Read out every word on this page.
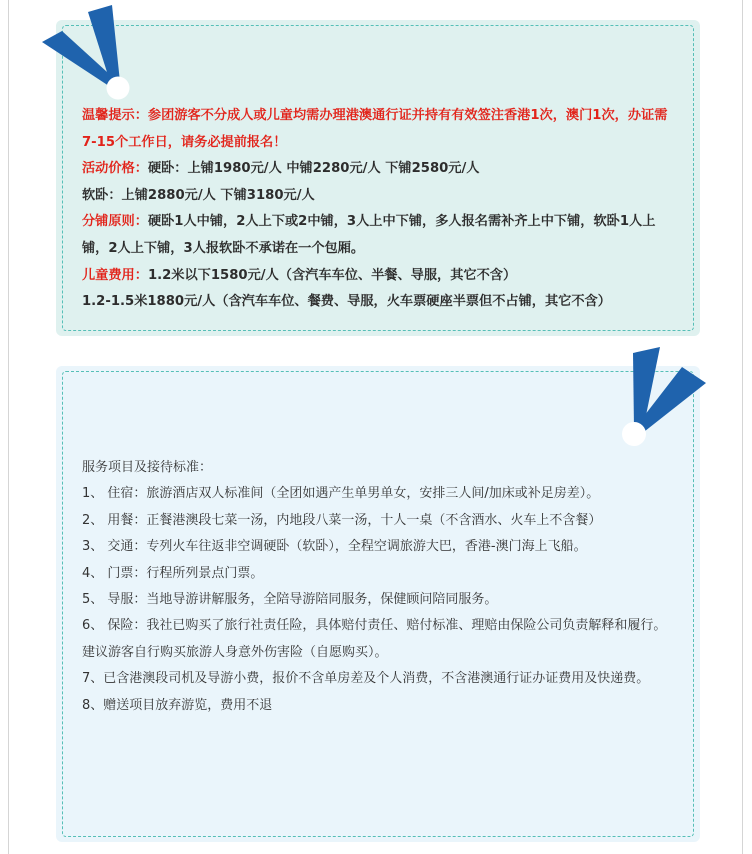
温馨提示：参团游客不分成人或儿童均需办理港澳通行证并持有有效签注香港1次，澳门1次，办证需7-15个工作日，请务必提前报名！

活动价格：硬卧：上铺1980元/人 中铺2280元/人 下铺2580元/人

软卧：上铺2880元/人 下铺3180元/人

分铺原则：硬卧1人中铺，2人上下或2中铺，3人上中下铺，多人报名需补齐上中下铺，软卧1人上铺，2人上下铺，3人报软卧不承诺在一个包厢。

儿童费用：1.2米以下1580元/人（含汽车车位、半餐、导服，其它不含）

1.2-1.5米1880元/人（含汽车车位、餐费、导服，火车票硬座半票但不占铺，其它不含）

服务项目及接待标准：

1、 住宿：旅游酒店双人标准间（全团如遇产生单男单女，安排三人间/加床或补足房差）。

2、 用餐：正餐港澳段七菜一汤，内地段八菜一汤，十人一桌（不含酒水、火车上不含餐）

3、 交通：专列火车往返非空调硬卧（软卧），全程空调旅游大巴，香港-澳门海上飞船。

4、 门票：行程所列景点门票。

5、 导服：当地导游讲解服务，全陪导游陪同服务，保健顾问陪同服务。

6、 保险：我社已购买了旅行社责任险，具体赔付责任、赔付标准、理赔由保险公司负责解释和履行。

建议游客自行购买旅游人身意外伤害险（自愿购买）。

7、已含港澳段司机及导游小费，报价不含单房差及个人消费，不含港澳通行证办证费用及快递费。

8、赠送项目放弃游览，费用不退
